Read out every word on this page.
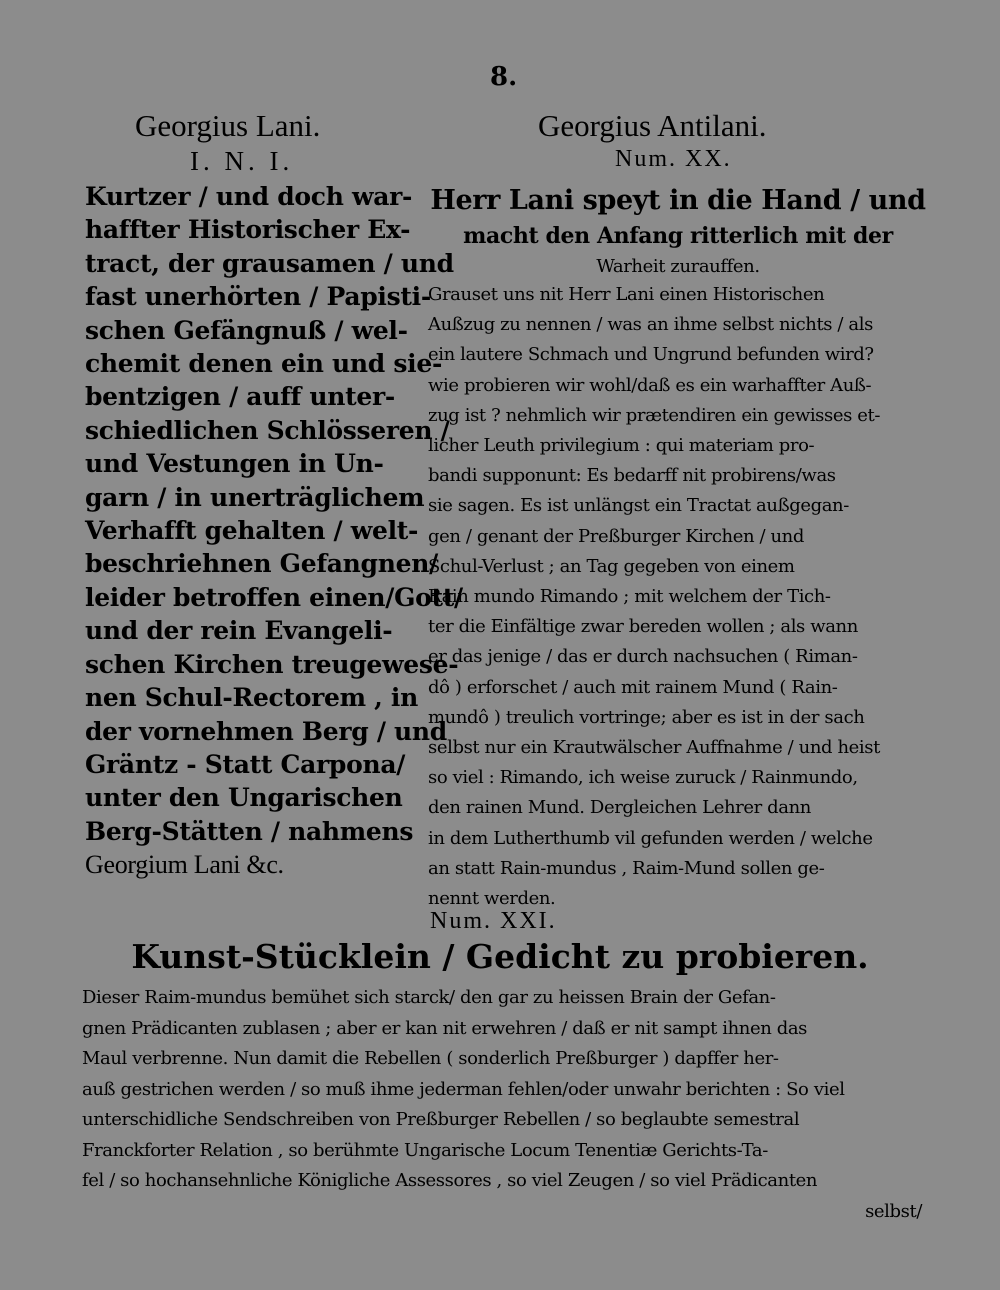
8.
Georgius Lani.	Georgius Antilani.
I. N. I.	Num. XX.
Kurtzer / und doch war-
haffter Historischer Ex-
tract, der grausamen / und
fast unerhörten / Papisti-
schen Gefängnuß / wel-
chemit denen ein und sie-
bentzigen / auff unter-
schiedlichen Schlösseren /
und Vestungen in Un-
garn / in unerträglichem
Verhafft gehalten / welt-
beschriehnen Gefangnen/
leider betroffen einen/Gott/
und der rein Evangeli-
schen Kirchen treugewese-
nen Schul-Rectorem , in
der vornehmen Berg / und
Gräntz - Statt Carpona/
unter den Ungarischen
Berg-Stätten / nahmens
Georgium Lani &c.
Herr Lani speyt in die Hand / und
macht den Anfang ritterlich mit der
Warheit zurauffen.
Grauset uns nit Herr Lani einen Historischen
Außzug zu nennen / was an ihme selbst nichts / als
ein lautere Schmach und Ungrund befunden wird?
wie probieren wir wohl/daß es ein warhaffter Auß-
zug ist ? nehmlich wir prætendiren ein gewisses et-
licher Leuth privilegium : qui materiam pro-
bandi supponunt: Es bedarff nit probirens/was
sie sagen. Es ist unlängst ein Tractat außgegan-
gen / genant der Preßburger Kirchen / und
Schul-Verlust ; an Tag gegeben von einem
Rain mundo Rimando ; mit welchem der Tich-
ter die Einfältige zwar bereden wollen ; als wann
er das jenige / das er durch nachsuchen ( Riman-
dô ) erforschet / auch mit rainem Mund ( Rain-
mundô ) treulich vortringe; aber es ist in der sach
selbst nur ein Krautwälscher Auffnahme / und heist
so viel : Rimando, ich weise zuruck / Rainmundo,
den rainen Mund. Dergleichen Lehrer dann
in dem Lutherthumb vil gefunden werden / welche
an statt Rain-mundus , Raim-Mund sollen ge-
nennt werden.
Num. XXI.
Kunst-Stücklein / Gedicht zu probieren.
Dieser Raim-mundus bemühet sich starck/ den gar zu heissen Brain der Gefan-
gnen Prädicanten zublasen ; aber er kan nit erwehren / daß er nit sampt ihnen das
Maul verbrenne. Nun damit die Rebellen ( sonderlich Preßburger ) dapffer her-
auß gestrichen werden / so muß ihme jederman fehlen/oder unwahr berichten : So viel
unterschidliche Sendschreiben von Preßburger Rebellen / so beglaubte semestral
Franckforter Relation , so berühmte Ungarische Locum Tenentiæ Gerichts-Ta-
fel / so hochansehnliche Königliche Assessores , so viel Zeugen / so viel Prädicanten
selbst/
